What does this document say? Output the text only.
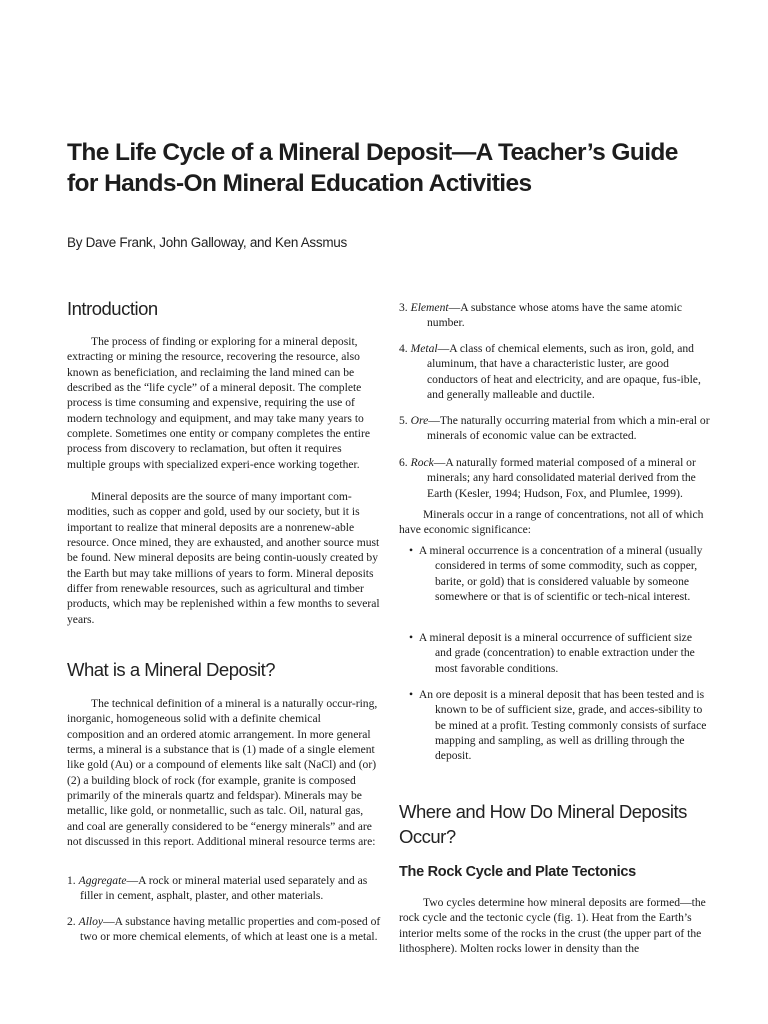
The Life Cycle of a Mineral Deposit—A Teacher’s Guide
for Hands-On Mineral Education Activities
By Dave Frank, John Galloway, and Ken Assmus
Introduction

The process of finding or exploring for a mineral deposit, extracting or mining the resource, recovering the resource, also known as beneficiation, and reclaiming the land mined can be described as the “life cycle” of a mineral deposit. The complete process is time consuming and expensive, requiring the use of modern technology and equipment, and may take many years to complete. Sometimes one entity or company completes the entire process from discovery to reclamation, but often it requires multiple groups with specialized experi-ence working together.

Mineral deposits are the source of many important com-modities, such as copper and gold, used by our society, but it is important to realize that mineral deposits are a nonrenew-able resource. Once mined, they are exhausted, and another source must be found. New mineral deposits are being contin-uously created by the Earth but may take millions of years to form. Mineral deposits differ from renewable resources, such as agricultural and timber products, which may be replenished within a few months to several years.

What is a Mineral Deposit?

The technical definition of a mineral is a naturally occur-ring, inorganic, homogeneous solid with a definite chemical composition and an ordered atomic arrangement. In more general terms, a mineral is a substance that is (1) made of a single element like gold (Au) or a compound of elements like salt (NaCl) and (or) (2) a building block of rock (for example, granite is composed primarily of the minerals quartz and feldspar). Minerals may be metallic, like gold, or nonmetallic, such as talc. Oil, natural gas, and coal are generally considered to be “energy minerals” and are not discussed in this report. Additional mineral resource terms are:

1. Aggregate—A rock or mineral material used separately and as filler in cement, asphalt, plaster, and other materials.

2. Alloy—A substance having metallic properties and com-posed of two or more chemical elements, of which at least one is a metal.

3. Element—A substance whose atoms have the same atomic number.

4. Metal—A class of chemical elements, such as iron, gold, and aluminum, that have a characteristic luster, are good conductors of heat and electricity, and are opaque, fus-ible, and generally malleable and ductile.

5. Ore—The naturally occurring material from which a min-eral or minerals of economic value can be extracted.

6. Rock—A naturally formed material composed of a mineral or minerals; any hard consolidated material derived from the Earth (Kesler, 1994; Hudson, Fox, and Plumlee, 1999).

Minerals occur in a range of concentrations, not all of which have economic significance:

•  A mineral occurrence is a concentration of a mineral (usually considered in terms of some commodity, such as copper, barite, or gold) that is considered valuable by someone somewhere or that is of scientific or tech-nical interest.

•  A mineral deposit is a mineral occurrence of sufficient size and grade (concentration) to enable extraction under the most favorable conditions.

•  An ore deposit is a mineral deposit that has been tested and is known to be of sufficient size, grade, and acces-sibility to be mined at a profit. Testing commonly consists of surface mapping and sampling, as well as drilling through the deposit.

Where and How Do Mineral Deposits
Occur?
The Rock Cycle and Plate Tectonics

Two cycles determine how mineral deposits are formed—the rock cycle and the tectonic cycle (fig. 1). Heat from the Earth’s interior melts some of the rocks in the crust (the upper part of the lithosphere). Molten rocks lower in density than the
